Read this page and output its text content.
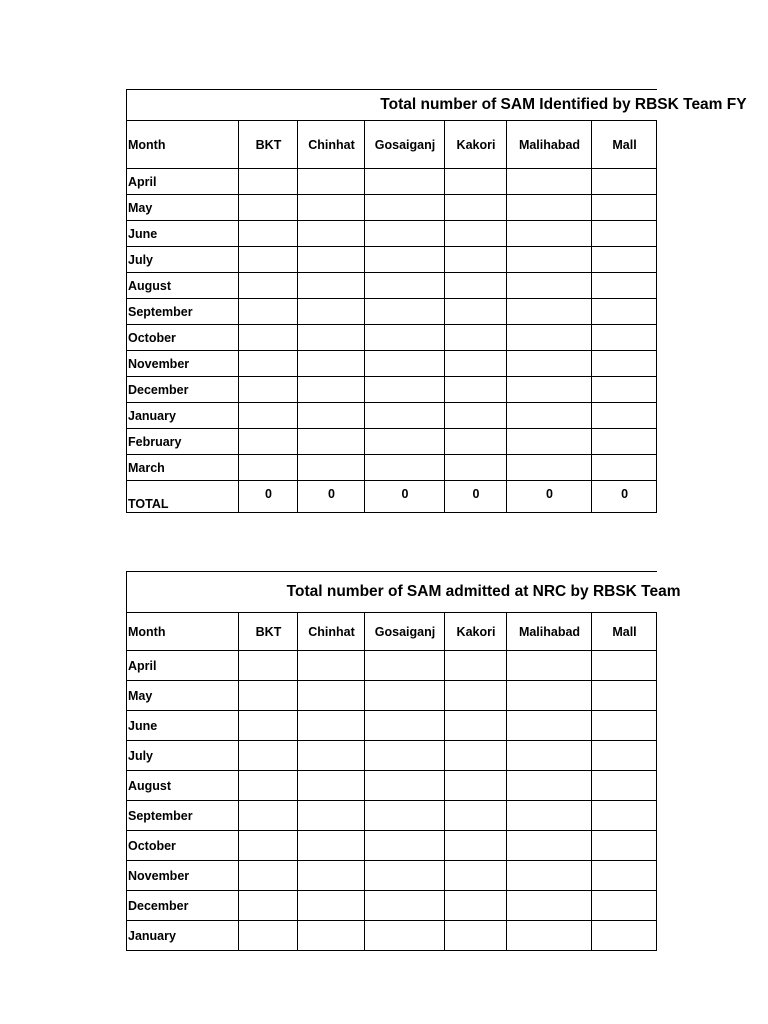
Total number of SAM Identified by RBSK Team FY						
Month	BKT	Chinhat	Gosaiganj	Kakori	Malihabad	Mall
April						
May						
June						
July						
August						
September						
October						
November						
December						
January						
February						
March						
TOTAL	0	0	0	0	0	0
Total number of SAM admitted at NRC by RBSK Team						
Month	BKT	Chinhat	Gosaiganj	Kakori	Malihabad	Mall
April						
May						
June						
July						
August						
September						
October						
November						
December						
January						
